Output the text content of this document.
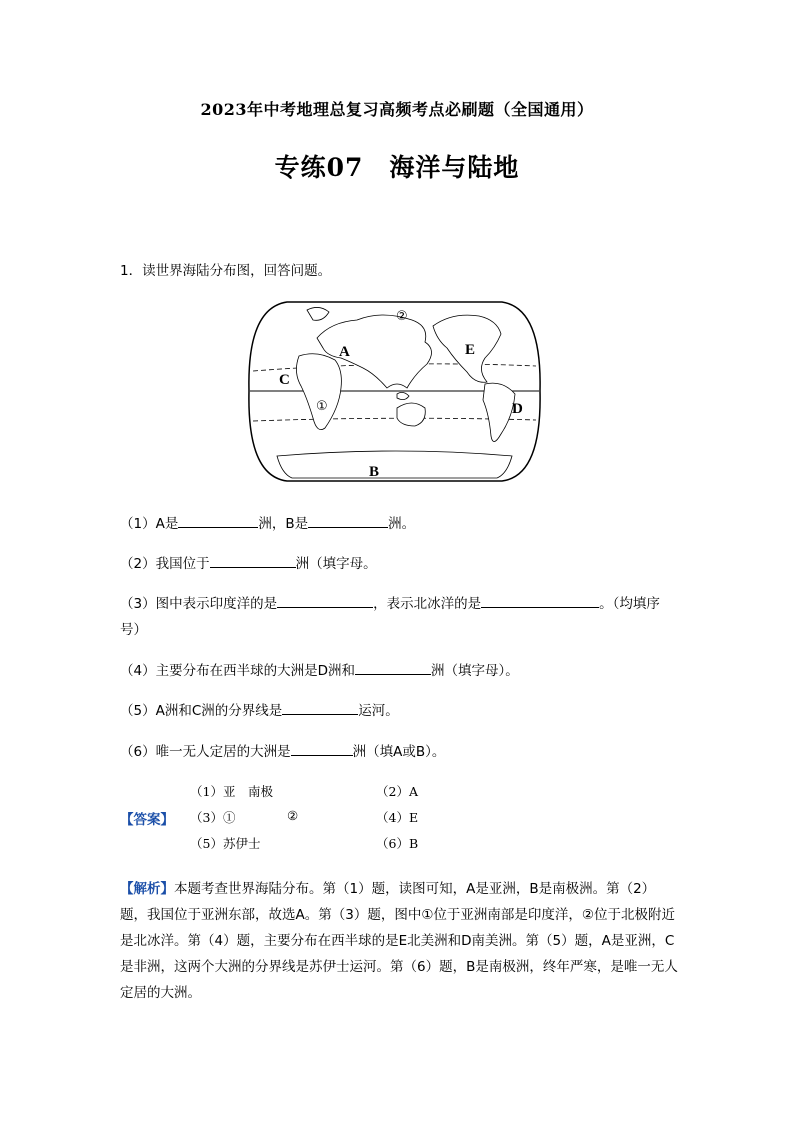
2023年中考地理总复习高频考点必刷题（全国通用）
专练07　海洋与陆地
1．读世界海陆分布图，回答问题。
A
B
C
D
E
①
②
（1）A是	洲，B是	洲。
（2）我国位于	洲（填字母。
（3）图中表示印度洋的是	，表示北冰洋的是	。（均填序
号）
（4）主要分布在西半球的大洲是D洲和	洲（填字母）。
（5）A洲和C洲的分界线是	运河。
（6）唯一无人定居的大洲是	洲（填A或B）。
【答案】
（1）亚　南极	（2）A
（3）①	②	（4）E
（5）苏伊士	（6）B
【解析】本题考查世界海陆分布。第（1）题，读图可知，A是亚洲，B是南极洲。第（2）题，我国位于亚洲东部，故选A。第（3）题，图中①位于亚洲南部是印度洋，②位于北极附近是北冰洋。第（4）题，主要分布在西半球的是E北美洲和D南美洲。第（5）题，A是亚洲，C是非洲，这两个大洲的分界线是苏伊士运河。第（6）题，B是南极洲，终年严寒，是唯一无人定居的大洲。
